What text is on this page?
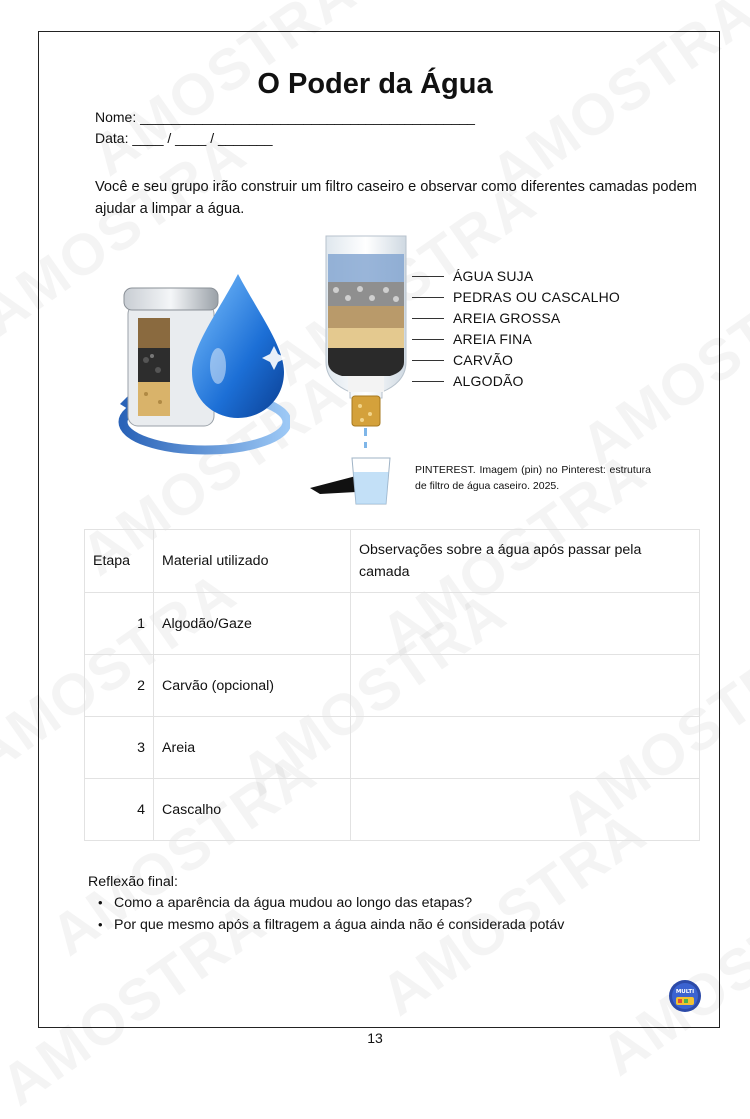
O Poder da Água
Nome: ___________________________________________
Data: ____ / ____ / _______
Você e seu grupo irão construir um filtro caseiro e observar como diferentes camadas podem ajudar a limpar a água.
ÁGUA SUJA
PEDRAS OU CASCALHO
AREIA GROSSA
AREIA FINA
CARVÃO
ALGODÃO
PINTEREST. Imagem (pin) no Pinterest: estrutura de filtro de água caseiro. 2025.
Etapa	Material utilizado	Observações sobre a água após passar pela camada
1	Algodão/Gaze	
2	Carvão (opcional)	
3	Areia	
4	Cascalho	
Reflexão final:
• Como a aparência da água mudou ao longo das etapas?
• Por que mesmo após a filtragem a água ainda não é considerada potáv
MULTI
13
